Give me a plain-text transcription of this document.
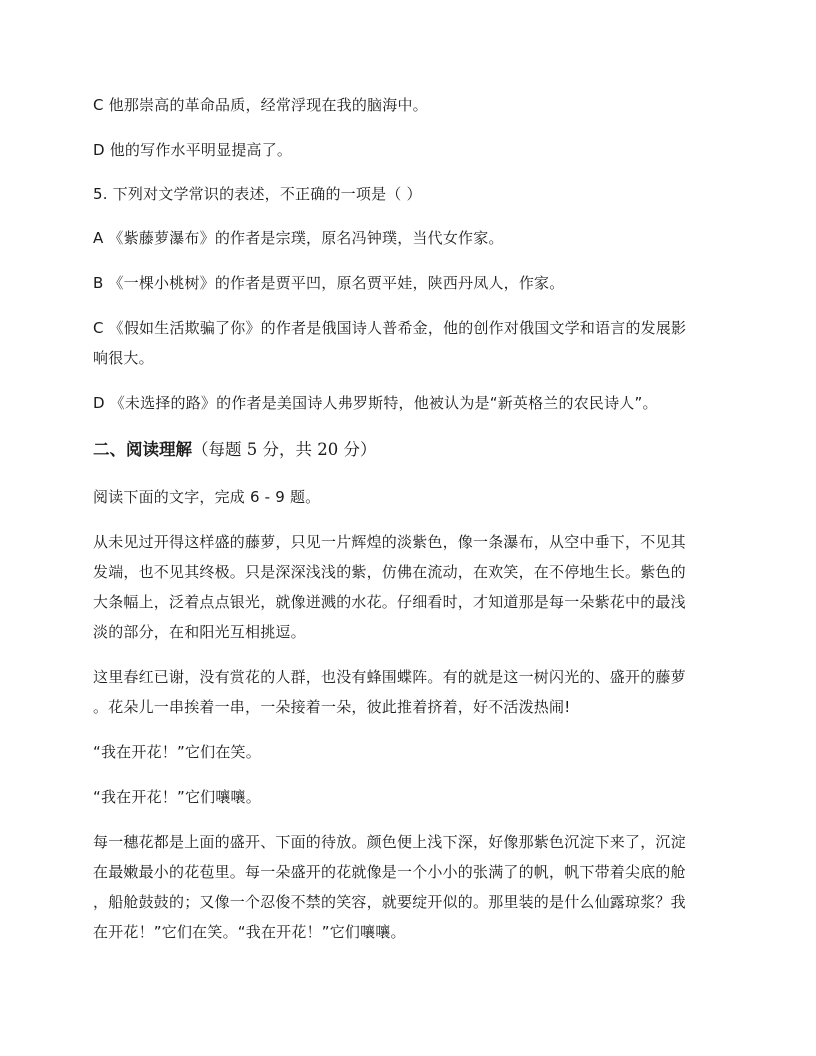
C 他那崇高的革命品质，经常浮现在我的脑海中。
D 他的写作水平明显提高了。
5. 下列对文学常识的表述，不正确的一项是（ ）
A 《紫藤萝瀑布》的作者是宗璞，原名冯钟璞，当代女作家。
B 《一棵小桃树》的作者是贾平凹，原名贾平娃，陕西丹凤人，作家。
C 《假如生活欺骗了你》的作者是俄国诗人普希金，他的创作对俄国文学和语言的发展影
响很大。
D 《未选择的路》的作者是美国诗人弗罗斯特，他被认为是“新英格兰的农民诗人”。
二、阅读理解（每题 5 分，共 20 分）
阅读下面的文字，完成 6 - 9 题。
从未见过开得这样盛的藤萝，只见一片辉煌的淡紫色，像一条瀑布，从空中垂下，不见其
发端，也不见其终极。只是深深浅浅的紫，仿佛在流动，在欢笑，在不停地生长。紫色的
大条幅上，泛着点点银光，就像迸溅的水花。仔细看时，才知道那是每一朵紫花中的最浅
淡的部分，在和阳光互相挑逗。
这里春红已谢，没有赏花的人群，也没有蜂围蝶阵。有的就是这一树闪光的、盛开的藤萝
。花朵儿一串挨着一串，一朵接着一朵，彼此推着挤着，好不活泼热闹!
“我在开花！”它们在笑。
“我在开花！”它们嚷嚷。
每一穗花都是上面的盛开、下面的待放。颜色便上浅下深，好像那紫色沉淀下来了，沉淀
在最嫩最小的花苞里。每一朵盛开的花就像是一个小小的张满了的帆，帆下带着尖底的舱
，船舱鼓鼓的；又像一个忍俊不禁的笑容，就要绽开似的。那里装的是什么仙露琼浆？我
在开花！”它们在笑。“我在开花！”它们嚷嚷。
